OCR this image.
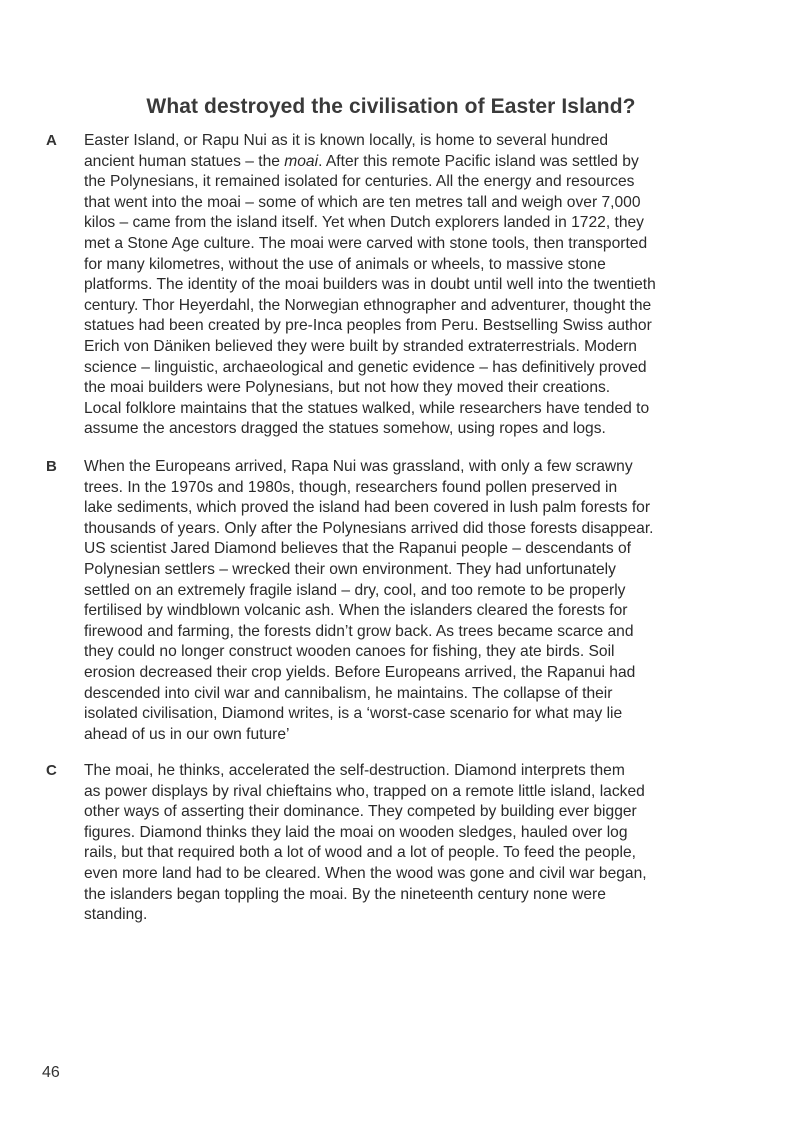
What destroyed the civilisation of Easter Island?
A Easter Island, or Rapu Nui as it is known locally, is home to several hundred
ancient human statues – the moai. After this remote Pacific island was settled by
the Polynesians, it remained isolated for centuries. All the energy and resources
that went into the moai – some of which are ten metres tall and weigh over 7,000
kilos – came from the island itself. Yet when Dutch explorers landed in 1722, they
met a Stone Age culture. The moai were carved with stone tools, then transported
for many kilometres, without the use of animals or wheels, to massive stone
platforms. The identity of the moai builders was in doubt until well into the twentieth
century. Thor Heyerdahl, the Norwegian ethnographer and adventurer, thought the
statues had been created by pre-Inca peoples from Peru. Bestselling Swiss author
Erich von Däniken believed they were built by stranded extraterrestrials. Modern
science – linguistic, archaeological and genetic evidence – has definitively proved
the moai builders were Polynesians, but not how they moved their creations.
Local folklore maintains that the statues walked, while researchers have tended to
assume the ancestors dragged the statues somehow, using ropes and logs.
B When the Europeans arrived, Rapa Nui was grassland, with only a few scrawny
trees. In the 1970s and 1980s, though, researchers found pollen preserved in
lake sediments, which proved the island had been covered in lush palm forests for
thousands of years. Only after the Polynesians arrived did those forests disappear.
US scientist Jared Diamond believes that the Rapanui people – descendants of
Polynesian settlers – wrecked their own environment. They had unfortunately
settled on an extremely fragile island – dry, cool, and too remote to be properly
fertilised by windblown volcanic ash. When the islanders cleared the forests for
firewood and farming, the forests didn’t grow back. As trees became scarce and
they could no longer construct wooden canoes for fishing, they ate birds. Soil
erosion decreased their crop yields. Before Europeans arrived, the Rapanui had
descended into civil war and cannibalism, he maintains. The collapse of their
isolated civilisation, Diamond writes, is a ‘worst-case scenario for what may lie
ahead of us in our own future’
C The moai, he thinks, accelerated the self-destruction. Diamond interprets them
as power displays by rival chieftains who, trapped on a remote little island, lacked
other ways of asserting their dominance. They competed by building ever bigger
figures. Diamond thinks they laid the moai on wooden sledges, hauled over log
rails, but that required both a lot of wood and a lot of people. To feed the people,
even more land had to be cleared. When the wood was gone and civil war began,
the islanders began toppling the moai. By the nineteenth century none were
standing.
46
